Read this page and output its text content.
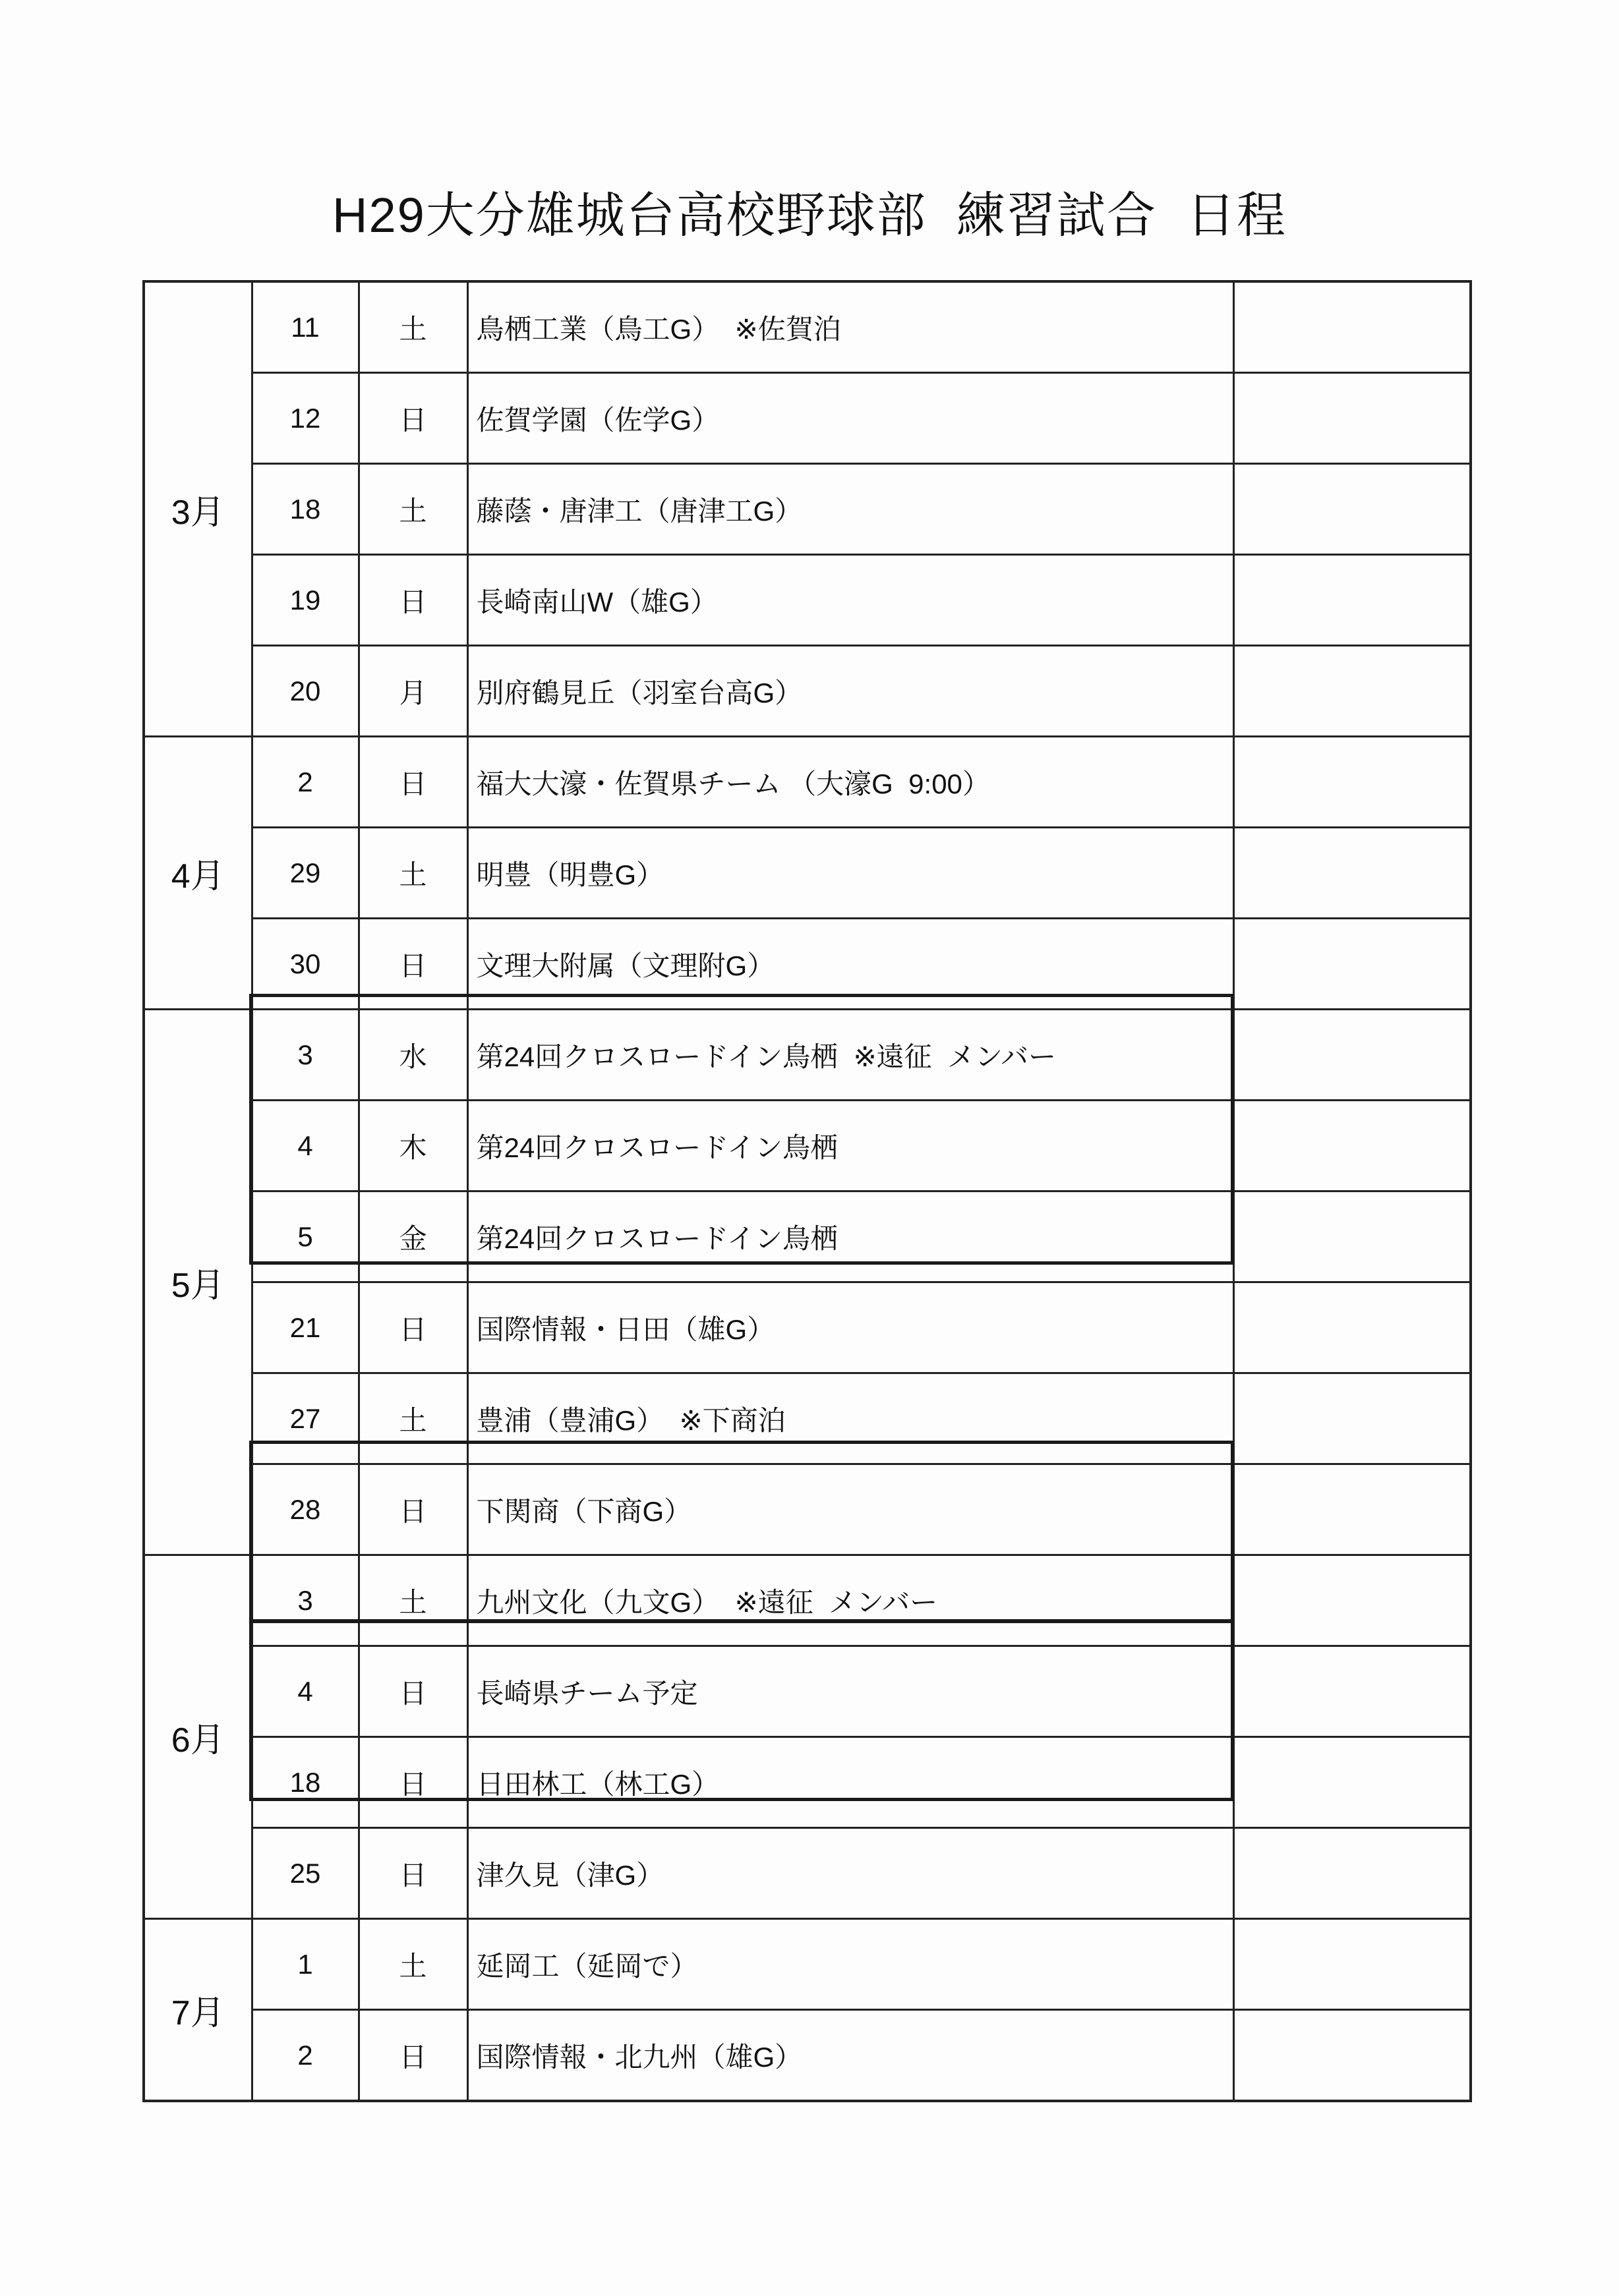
H29大分雄城台高校野球部  練習試合  日程
3月	11	土	鳥栖工業（鳥工G）  ※佐賀泊	
	12	日	佐賀学園（佐学G）	
	18	土	藤蔭・唐津工（唐津工G）	
	19	日	長崎南山W（雄G）	
	20	月	別府鶴見丘（羽室台高G）	
4月	2	日	福大大濠・佐賀県チーム （大濠G  9:00）	
	29	土	明豊（明豊G）	
	30	日	文理大附属（文理附G）	
5月	3	水	第24回クロスロードイン鳥栖  ※遠征  メンバー	
	4	木	第24回クロスロードイン鳥栖	
	5	金	第24回クロスロードイン鳥栖	
	21	日	国際情報・日田（雄G）	
	27	土	豊浦（豊浦G）  ※下商泊	
	28	日	下関商（下商G）	
6月	3	土	九州文化（九文G）  ※遠征  メンバー	
	4	日	長崎県チーム予定	
	18	日	日田林工（林工G）	
	25	日	津久見（津G）	
7月	1	土	延岡工（延岡で）	
	2	日	国際情報・北九州（雄G）	
